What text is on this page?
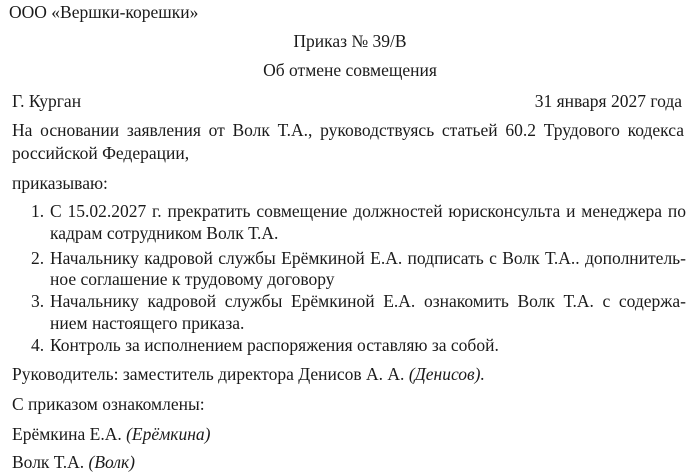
ООО «Вершки-корешки»
Приказ № 39/В
Об отмене совмещения
Г. Курган	31 января 2027 года
На основании заявления от Волк Т.А., руководствуясь статьей 60.2 Трудового кодекса
российской Федерации,
приказываю:
1. С 15.02.2027 г. прекратить совмещение должностей юрисконсульта и менеджера по
кадрам сотрудником Волк Т.А.
2. Начальнику кадровой службы Ерёмкиной Е.А. подписать с Волк Т.А.. дополнитель-
ное соглашение к трудовому договору
3. Начальнику кадровой службы Ерёмкиной Е.А. ознакомить Волк Т.А. с содержа-
нием настоящего приказа.
4. Контроль за исполнением распоряжения оставляю за собой.
Руководитель: заместитель директора Денисов А. А. (Денисов).
С приказом ознакомлены:
Ерёмкина Е.А. (Ерёмкина)
Волк Т.А. (Волк)
